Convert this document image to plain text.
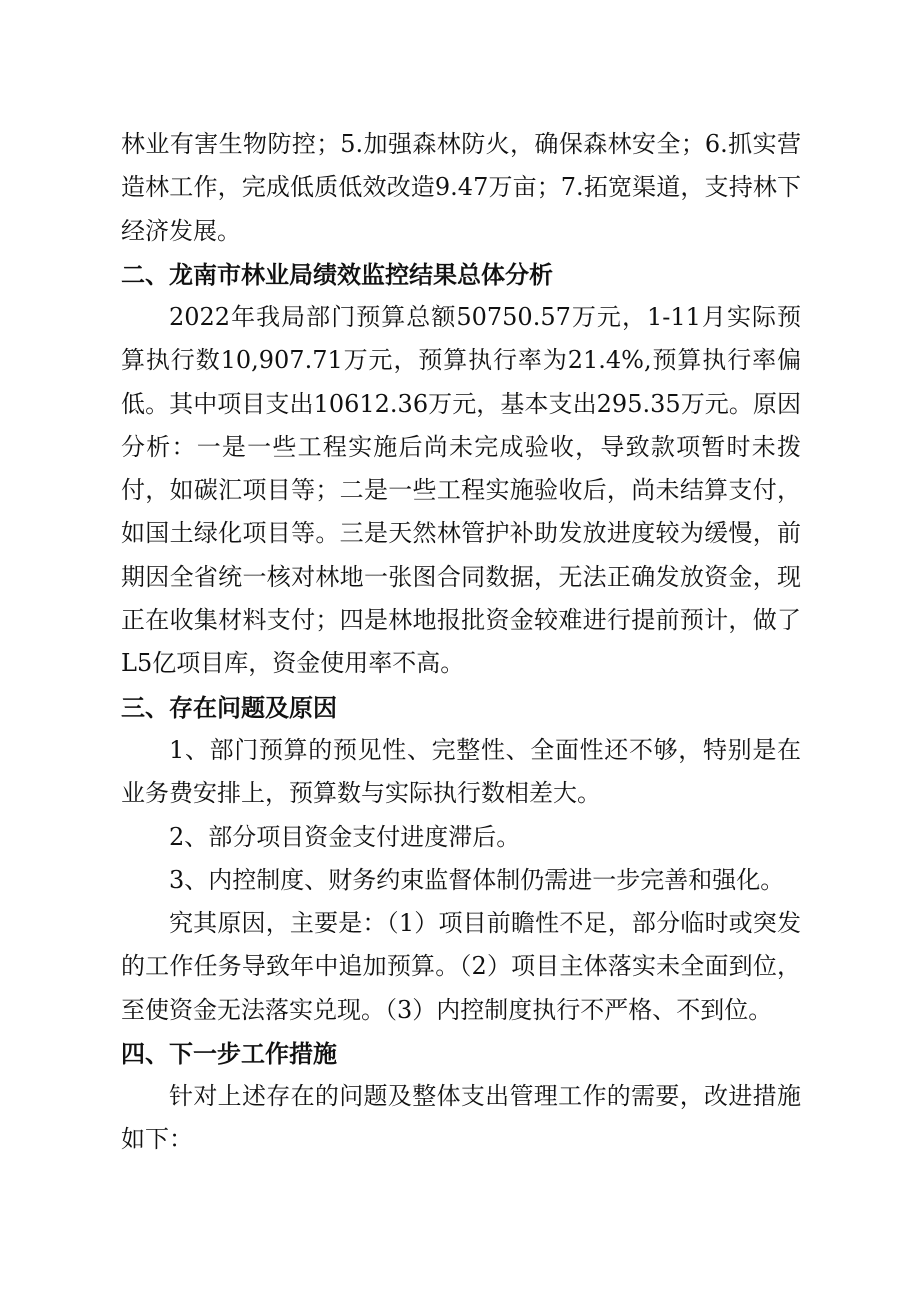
林业有害生物防控；5.加强森林防火，确保森林安全；6.抓实营造林工作，完成低质低效改造9.47万亩；7.拓宽渠道，支持林下经济发展。

二、龙南市林业局绩效监控结果总体分析

2022年我局部门预算总额50750.57万元，1-11月实际预算执行数10,907.71万元，预算执行率为21.4%,预算执行率偏低。其中项目支出10612.36万元，基本支出295.35万元。原因分析：一是一些工程实施后尚未完成验收，导致款项暂时未拨付，如碳汇项目等；二是一些工程实施验收后，尚未结算支付，如国土绿化项目等。三是天然林管护补助发放进度较为缓慢，前期因全省统一核对林地一张图合同数据，无法正确发放资金，现正在收集材料支付；四是林地报批资金较难进行提前预计，做了L5亿项目库，资金使用率不高。

三、存在问题及原因

1、部门预算的预见性、完整性、全面性还不够，特别是在业务费安排上，预算数与实际执行数相差大。

2、部分项目资金支付进度滞后。

3、内控制度、财务约束监督体制仍需进一步完善和强化。

究其原因，主要是：（1）项目前瞻性不足，部分临时或突发的工作任务导致年中追加预算。（2）项目主体落实未全面到位，至使资金无法落实兑现。（3）内控制度执行不严格、不到位。

四、下一步工作措施

针对上述存在的问题及整体支出管理工作的需要，改进措施如下：
